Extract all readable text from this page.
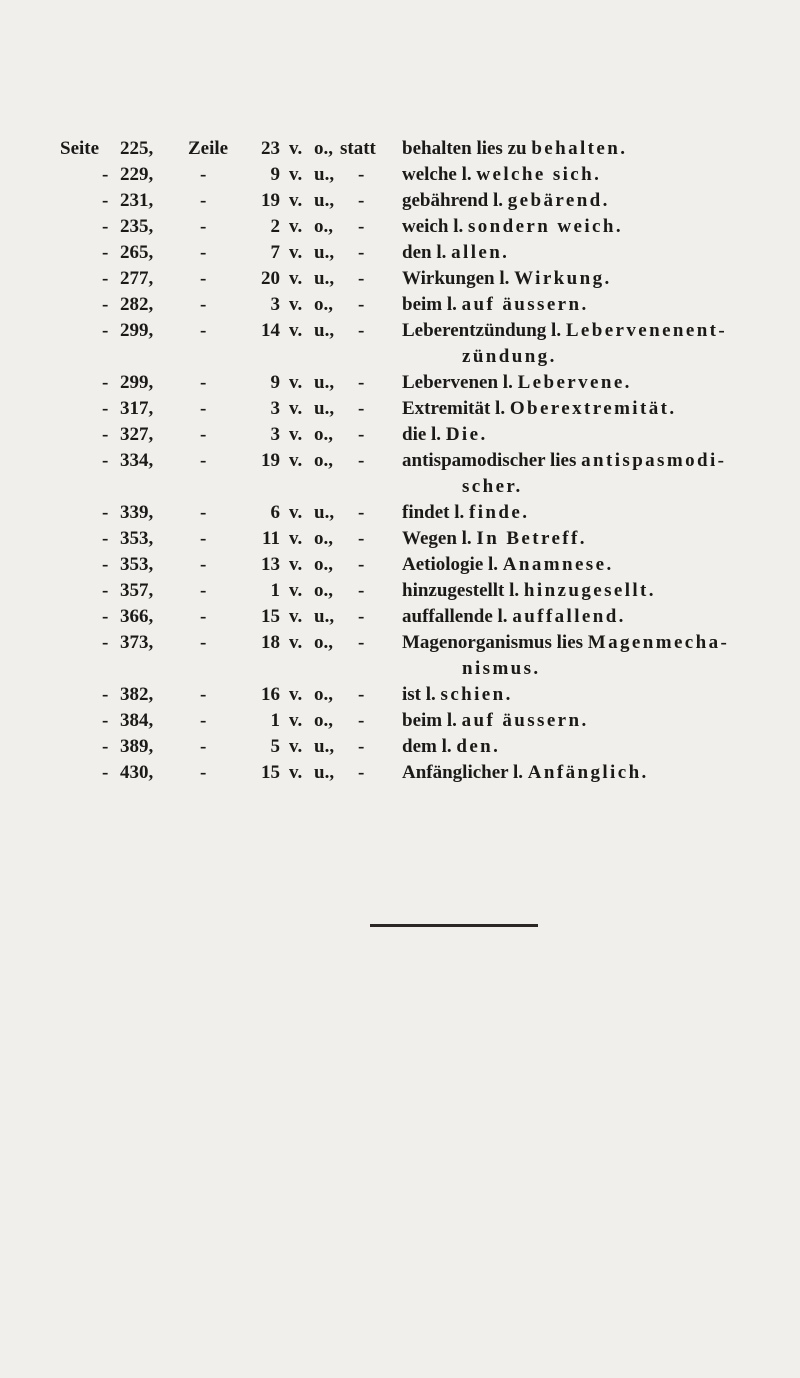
Seite 225, Zeile	23 v. o., statt behalten lies zu behalten.
- 229, -	9 v. u., - welche l. welche sich.
- 231, -	19 v. u., - gebährend l. gebärend.
- 235, -	2 v. o., - weich l. sondern weich.
- 265, -	7 v. u., - den l. allen.
- 277, -	20 v. u., - Wirkungen l. Wirkung.
- 282, -	3 v. o., - beim l. auf äussern.
- 299, -	14 v. u., - Leberentzündung l. Lebervenenent-
zündung.
- 299, -	9 v. u., - Lebervenen l. Lebervene.
- 317, -	3 v. u., - Extremität l. Oberextremität.
- 327, -	3 v. o., - die l. Die.
- 334, -	19 v. o., - antispamodischer lies antispasmodi-
scher.
- 339, -	6 v. u., - findet l. finde.
- 353, -	11 v. o., - Wegen l. In Betreff.
- 353, -	13 v. o., - Aetiologie l. Anamnese.
- 357, -	1 v. o., - hinzugestellt l. hinzugesellt.
- 366, -	15 v. u., - auffallende l. auffallend.
- 373, -	18 v. o., - Magenorganismus lies Magenmecha-
nismus.
- 382, -	16 v. o., - ist l. schien.
- 384, -	1 v. o., - beim l. auf äussern.
- 389, -	5 v. u., - dem l. den.
- 430, -	15 v. u., - Anfänglicher l. Anfänglich.
